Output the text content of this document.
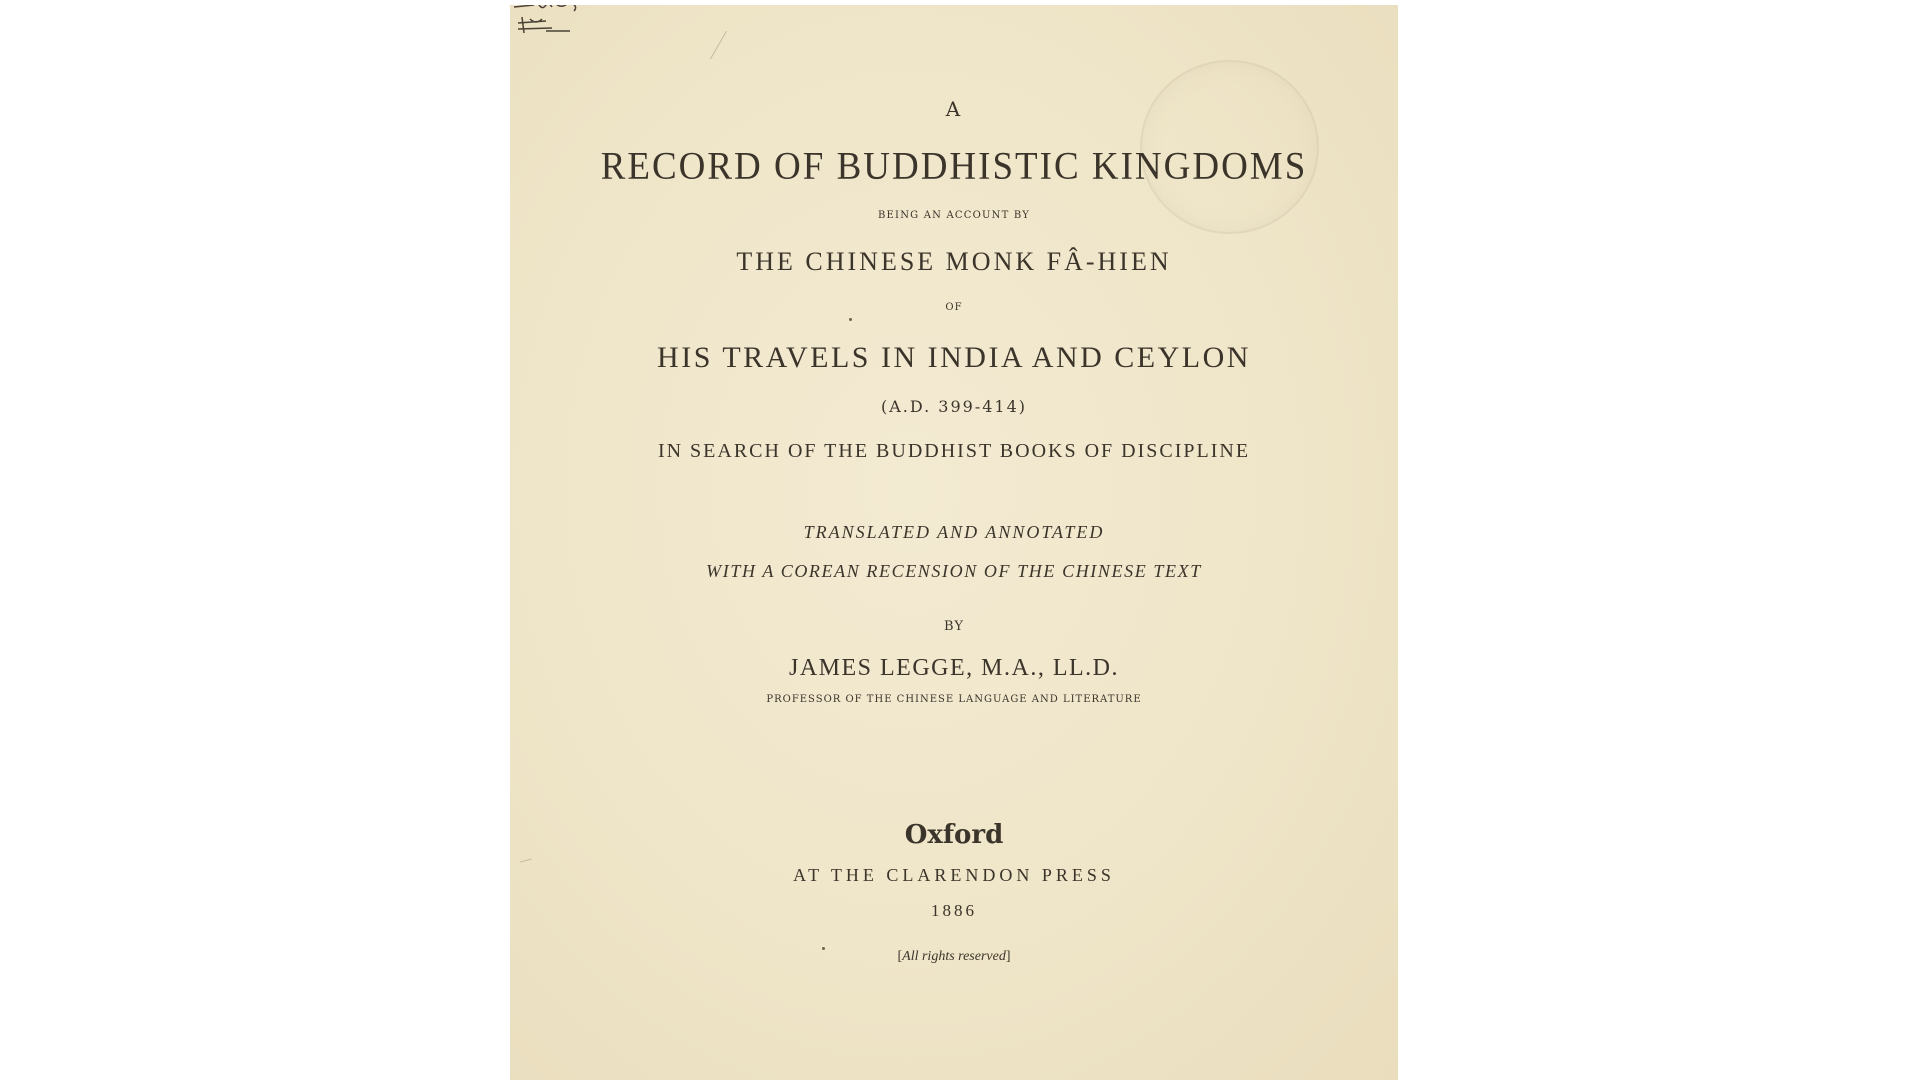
A
RECORD OF BUDDHISTIC KINGDOMS
BEING AN ACCOUNT BY
THE CHINESE MONK FÂ-HIEN
OF
HIS TRAVELS IN INDIA AND CEYLON
(A.D. 399-414)
IN SEARCH OF THE BUDDHIST BOOKS OF DISCIPLINE
TRANSLATED AND ANNOTATED
WITH A COREAN RECENSION OF THE CHINESE TEXT
BY
JAMES LEGGE, M.A., LL.D.
PROFESSOR OF THE CHINESE LANGUAGE AND LITERATURE
Oxford
AT THE CLARENDON PRESS
1886
[All rights reserved]
